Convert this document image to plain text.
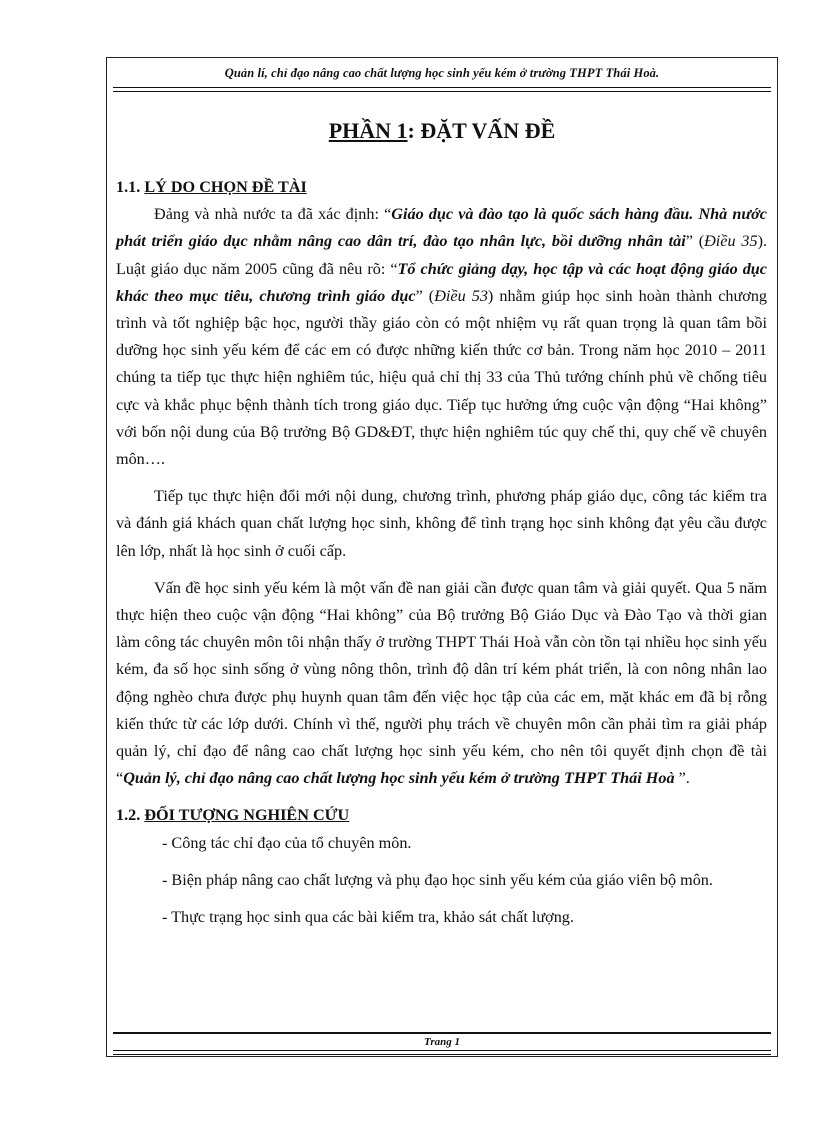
Quản lí, chỉ đạo nâng cao chất lượng học sinh yếu kém ở trường THPT Thái Hoà.
PHẦN 1: ĐẶT VẤN ĐỀ
1.1. LÝ DO CHỌN ĐỀ TÀI

Đảng và nhà nước ta đã xác định: “Giáo dục và đào tạo là quốc sách hàng đầu. Nhà nước phát triển giáo dục nhằm nâng cao dân trí, đào tạo nhân lực, bồi dưỡng nhân tài” (Điều 35). Luật giáo dục năm 2005 cũng đã nêu rõ: “Tổ chức giảng dạy, học tập và các hoạt động giáo dục khác theo mục tiêu, chương trình giáo dục” (Điều 53) nhằm giúp học sinh hoàn thành chương trình và tốt nghiệp bậc học, người thầy giáo còn có một nhiệm vụ rất quan trọng là quan tâm bồi dưỡng học sinh yếu kém để các em có được những kiến thức cơ bản. Trong năm học 2010 – 2011 chúng ta tiếp tục thực hiện nghiêm túc, hiệu quả chỉ thị 33 của Thủ tướng chính phủ về chống tiêu cực và khắc phục bệnh thành tích trong giáo dục. Tiếp tục hưởng ứng cuộc vận động “Hai không” với bốn nội dung của Bộ trưởng Bộ GD&ĐT, thực hiện nghiêm túc quy chế thi, quy chế về chuyên môn….

Tiếp tục thực hiện đổi mới nội dung, chương trình, phương pháp giáo dục, công tác kiểm tra và đánh giá khách quan chất lượng học sinh, không để tình trạng học sinh không đạt yêu cầu được lên lớp, nhất là học sinh ở cuối cấp.

Vấn đề học sinh yếu kém là một vấn đề nan giải cần được quan tâm và giải quyết. Qua 5 năm thực hiện theo cuộc vận động “Hai không” của Bộ trưởng Bộ Giáo Dục và Đào Tạo và thời gian làm công tác chuyên môn tôi nhận thấy ở trường THPT Thái Hoà vẫn còn tồn tại nhiều học sinh yếu kém, đa số học sinh sống ở vùng nông thôn, trình độ dân trí kém phát triển, là con nông nhân lao động nghèo chưa được phụ huynh quan tâm đến việc học tập của các em, mặt khác em đã bị rỗng kiến thức từ các lớp dưới. Chính vì thế, người phụ trách về chuyên môn cần phải tìm ra giải pháp quản lý, chỉ đạo để nâng cao chất lượng học sinh yếu kém, cho nên tôi quyết định chọn đề tài “Quản lý, chỉ đạo nâng cao chất lượng học sinh yếu kém ở trường THPT Thái Hoà ”.

1.2. ĐỐI TƯỢNG NGHIÊN CỨU

- Công tác chỉ đạo của tổ chuyên môn.

- Biện pháp nâng cao chất lượng và phụ đạo học sinh yếu kém của giáo viên bộ môn.

- Thực trạng học sinh qua các bài kiểm tra, khảo sát chất lượng.

Trang 1
